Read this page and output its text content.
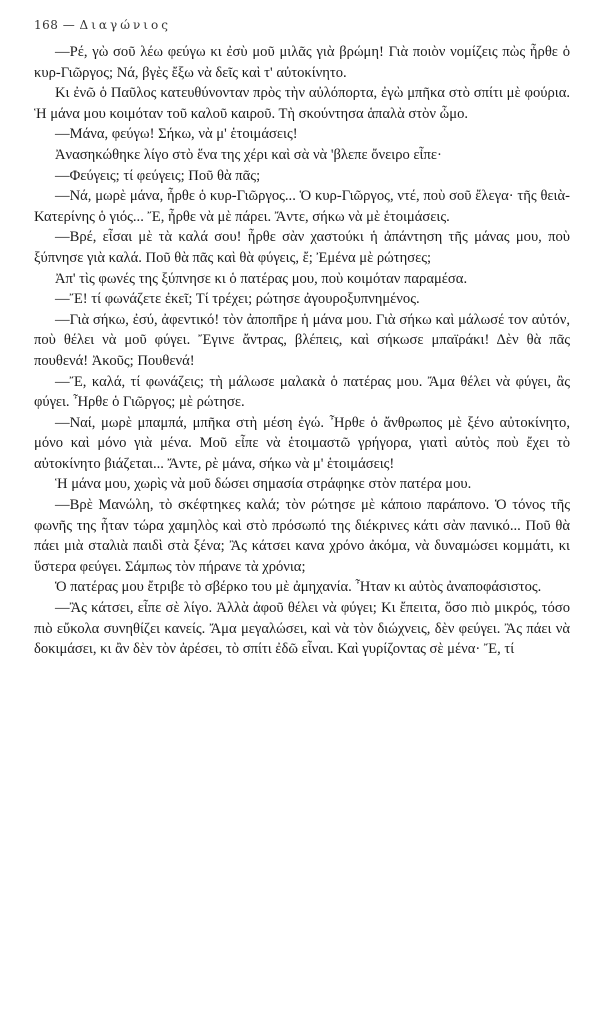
168 — Διαγώνιος

—Ρέ, γὼ σοῦ λέω φεύγω κι ἐσὺ μοῦ μιλᾶς γιὰ βρώμη! Γιὰ ποιὸν νομίζεις πὼς ἦρθε ὁ κυρ-Γιῶργος; Νά, βγὲς ἔξω νὰ δεῖς καὶ τ' αὐτοκίνητο.

Κι ἐνῶ ὁ Παῦλος κατευθύνονταν πρὸς τὴν αὐλόπορτα, ἐγὼ μπῆκα στὸ σπίτι μὲ φούρια. Ἡ μάνα μου κοιμόταν τοῦ καλοῦ καιροῦ. Τὴ σκούντησα ἁπαλὰ στὸν ὦμο.

—Μάνα, φεύγω! Σήκω, νὰ μ' ἑτοιμάσεις!

Ἀνασηκώθηκε λίγο στὸ ἕνα της χέρι καὶ σὰ νὰ 'βλεπε ὄνειρο εἶπε·

—Φεύγεις; τί φεύγεις; Ποῦ θὰ πᾶς;

—Νά, μωρὲ μάνα, ἦρθε ὁ κυρ-Γιῶργος... Ὁ κυρ-Γιῶργος, ντέ, ποὺ σοῦ ἔλεγα· τῆς θειὰ-Κατερίνης ὁ γιός... Ἔ, ἦρθε νὰ μὲ πάρει. Ἄντε, σήκω νὰ μὲ ἑτοιμάσεις.

—Βρέ, εἶσαι μὲ τὰ καλά σου! ἦρθε σὰν χαστούκι ἡ ἀπάντηση τῆς μάνας μου, ποὺ ξύπνησε γιὰ καλά. Ποῦ θὰ πᾶς καὶ θὰ φύγεις, ἔ; Ἐμένα μὲ ρώτησες;

Ἀπ' τὶς φωνές της ξύπνησε κι ὁ πατέρας μου, ποὺ κοιμόταν παραμέσα.

—Ἔ! τί φωνάζετε ἐκεῖ; Τί τρέχει; ρώτησε ἀγουροξυπνημένος.

—Γιὰ σήκω, ἐσύ, ἀφεντικό! τὸν ἀποπῆρε ἡ μάνα μου. Γιὰ σήκω καὶ μάλωσέ τον αὐτόν, ποὺ θέλει νὰ μοῦ φύγει. Ἔγινε ἄντρας, βλέπεις, καὶ σήκωσε μπαϊράκι! Δὲν θὰ πᾶς πουθενά! Ἀκοῦς; Πουθενά!

—Ἔ, καλά, τί φωνάζεις; τὴ μάλωσε μαλακὰ ὁ πατέρας μου. Ἄμα θέλει νὰ φύγει, ἂς φύγει. Ἦρθε ὁ Γιῶργος; μὲ ρώτησε.

—Ναί, μωρὲ μπαμπά, μπῆκα στὴ μέση ἐγώ. Ἦρθε ὁ ἄνθρωπος μὲ ξένο αὐτοκίνητο, μόνο καὶ μόνο γιὰ μένα. Μοῦ εἶπε νὰ ἑτοιμαστῶ γρήγορα, γιατὶ αὐτὸς ποὺ ἔχει τὸ αὐτοκίνητο βιάζεται... Ἄντε, ρὲ μάνα, σήκω νὰ μ' ἑτοιμάσεις!

Ἡ μάνα μου, χωρὶς νὰ μοῦ δώσει σημασία στράφηκε στὸν πατέρα μου.

—Βρὲ Μανώλη, τὸ σκέφτηκες καλά; τὸν ρώτησε μὲ κάποιο παράπονο. Ὁ τόνος τῆς φωνῆς της ἦταν τώρα χαμηλὸς καὶ στὸ πρόσωπό της διέκρινες κάτι σὰν πανικό... Ποῦ θὰ πάει μιὰ σταλιὰ παιδὶ στὰ ξένα; Ἂς κάτσει κανα χρόνο ἀκόμα, νὰ δυναμώσει κομμάτι, κι ὕστερα φεύγει. Σάμπως τὸν πήρανε τὰ χρόνια;

Ὁ πατέρας μου ἔτριβε τὸ σβέρκο του μὲ ἀμηχανία. Ἦταν κι αὐτὸς ἀναποφάσιστος.

—Ἂς κάτσει, εἶπε σὲ λίγο. Ἀλλὰ ἀφοῦ θέλει νὰ φύγει; Κι ἔπειτα, ὅσο πιὸ μικρός, τόσο πιὸ εὔκολα συνηθίζει κανείς. Ἄμα μεγαλώσει, καὶ νὰ τὸν διώχνεις, δὲν φεύγει. Ἂς πάει νὰ δοκιμάσει, κι ἂν δὲν τὸν ἀρέσει, τὸ σπίτι ἐδῶ εἶναι. Καὶ γυρίζοντας σὲ μένα· Ἔ, τί
